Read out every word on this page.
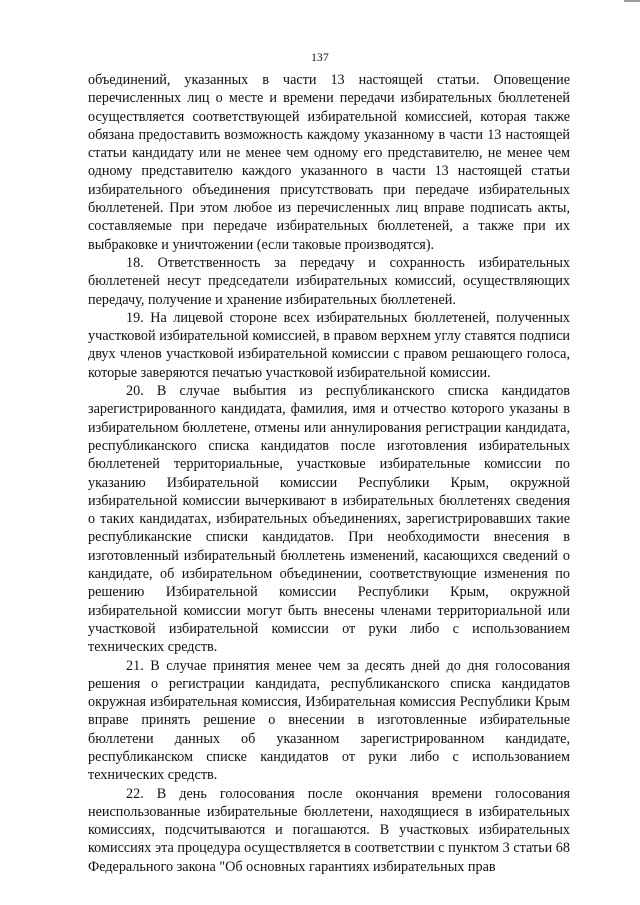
137

объединений, указанных в части 13 настоящей статьи. Оповещение перечисленных лиц о месте и времени передачи избирательных бюллетеней осуществляется соответствующей избирательной комиссией, которая также обязана предоставить возможность каждому указанному в части 13 настоящей статьи кандидату или не менее чем одному его представителю, не менее чем одному представителю каждого указанного в части 13 настоящей статьи избирательного объединения присутствовать при передаче избирательных бюллетеней. При этом любое из перечисленных лиц вправе подписать акты, составляемые при передаче избирательных бюллетеней, а также при их выбраковке и уничтожении (если таковые производятся).

18. Ответственность за передачу и сохранность избирательных бюллетеней несут председатели избирательных комиссий, осуществляющих передачу, получение и хранение избирательных бюллетеней.

19. На лицевой стороне всех избирательных бюллетеней, полученных участковой избирательной комиссией, в правом верхнем углу ставятся подписи двух членов участковой избирательной комиссии с правом решающего голоса, которые заверяются печатью участковой избирательной комиссии.

20. В случае выбытия из республиканского списка кандидатов зарегистрированного кандидата, фамилия, имя и отчество которого указаны в избирательном бюллетене, отмены или аннулирования регистрации кандидата, республиканского списка кандидатов после изготовления избирательных бюллетеней территориальные, участковые избирательные комиссии по указанию Избирательной комиссии Республики Крым, окружной избирательной комиссии вычеркивают в избирательных бюллетенях сведения о таких кандидатах, избирательных объединениях, зарегистрировавших такие республиканские списки кандидатов. При необходимости внесения в изготовленный избирательный бюллетень изменений, касающихся сведений о кандидате, об избирательном объединении, соответствующие изменения по решению Избирательной комиссии Республики Крым, окружной избирательной комиссии могут быть внесены членами территориальной или участковой избирательной комиссии от руки либо с использованием технических средств.

21. В случае принятия менее чем за десять дней до дня голосования решения о регистрации кандидата, республиканского списка кандидатов окружная избирательная комиссия, Избирательная комиссия Республики Крым вправе принять решение о внесении в изготовленные избирательные бюллетени данных об указанном зарегистрированном кандидате, республиканском списке кандидатов от руки либо с использованием технических средств.

22. В день голосования после окончания времени голосования неиспользованные избирательные бюллетени, находящиеся в избирательных комиссиях, подсчитываются и погашаются. В участковых избирательных комиссиях эта процедура осуществляется в соответствии с пунктом 3 статьи 68 Федерального закона "Об основных гарантиях избирательных прав
